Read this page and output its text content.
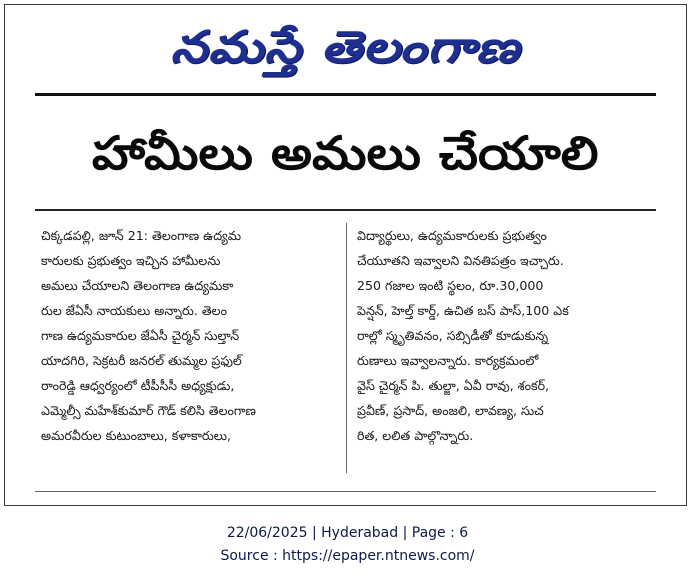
నమస్తే తెలంగాణ
హామీలు అమలు చేయాలి
చిక్కడపల్లి, జూన్ 21: తెలంగాణ ఉద్యమ
కారులకు ప్రభుత్వం ఇచ్చిన హామీలను
అమలు చేయాలని తెలంగాణ ఉద్యమకా
రుల జేఏసీ నాయకులు అన్నారు. తెలం
గాణ ఉద్యమకారుల జేఏసీ చైర్మన్ సుల్తాన్
యాదగిరి, సెక్రటరీ జనరల్ తుమ్మల ప్రఫుల్
రాంరెడ్డి ఆధ్వర్యంలో టీపీసీసీ అధ్యక్షుడు,
ఎమ్మెల్సీ మహేశ్‌కుమార్ గౌడ్ కలిసి తెలంగాణ
అమరవీరుల కుటుంబాలు, కళాకారులు,
విద్యార్థులు, ఉద్యమకారులకు ప్రభుత్వం
చేయూతని ఇవ్వాలని వినతిపత్రం ఇచ్చారు.
250 గజాల ఇంటి స్థలం, రూ.30,000
పెన్షన్, హెల్త్ కార్డ్, ఉచిత బస్ పాస్,100 ఎక
రాల్లో స్మృతివనం, సబ్సిడీతో కూడుకున్న
రుణాలు ఇవ్వాలన్నారు. కార్యక్రమంలో
వైస్ చైర్మన్ పి. తుల్జా, ఏవీ రావు, శంకర్,
ప్రవీణ్, ప్రసాద్, అంజలి, లావణ్య, సుచ
రిత, లలిత పాల్గొన్నారు.
22/06/2025 | Hyderabad | Page : 6
Source : https://epaper.ntnews.com/
